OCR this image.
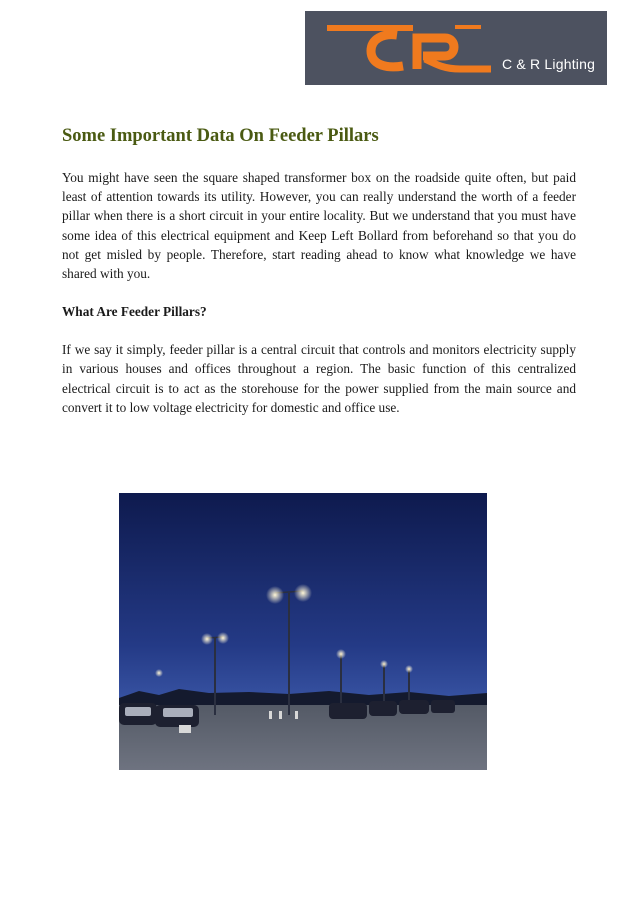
C & R Lighting
Some Important Data On Feeder Pillars

You might have seen the square shaped transformer box on the roadside quite often, but paid least of attention towards its utility. However, you can really understand the worth of a feeder pillar when there is a short circuit in your entire locality. But we understand that you must have some idea of this electrical equipment and Keep Left Bollard from beforehand so that you do not get misled by people. Therefore, start reading ahead to know what knowledge we have shared with you.

What Are Feeder Pillars?

If we say it simply, feeder pillar is a central circuit that controls and monitors electricity supply in various houses and offices throughout a region. The basic function of this centralized electrical circuit is to act as the storehouse for the power supplied from the main source and convert it to low voltage electricity for domestic and office use.
